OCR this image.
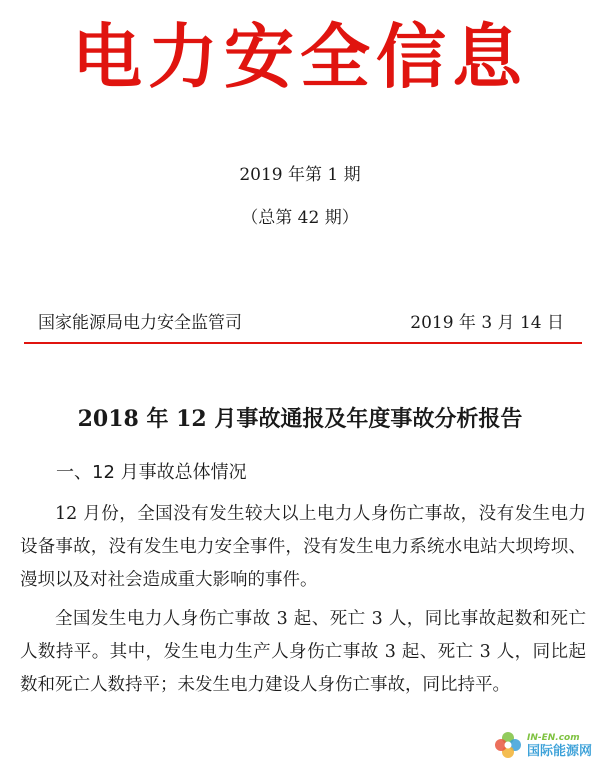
电力安全信息
2019 年第 1 期
（总第 42 期）
国家能源局电力安全监管司	2019 年 3 月 14 日
2018 年 12 月事故通报及年度事故分析报告
一、12 月事故总体情况

12 月份，全国没有发生较大以上电力人身伤亡事故，没有发生电力设备事故，没有发生电力安全事件，没有发生电力系统水电站大坝垮坝、漫坝以及对社会造成重大影响的事件。

全国发生电力人身伤亡事故 3 起、死亡 3 人，同比事故起数和死亡人数持平。其中，发生电力生产人身伤亡事故 3 起、死亡 3 人，同比起数和死亡人数持平；未发生电力建设人身伤亡事故，同比持平。

IN-EN.com
国际能源网
